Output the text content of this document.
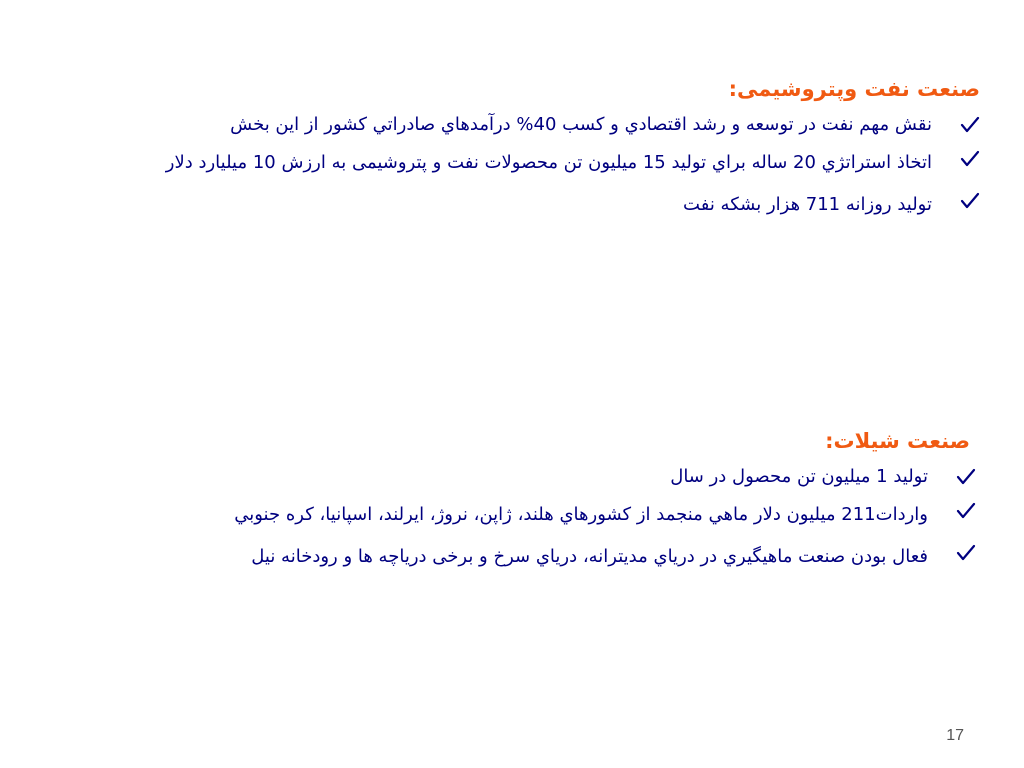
صنعت نفت وپتروشيمی:
نقش مهم نفت در توسعه و رشد اقتصادي و کسب 40% درآمدهاي صادراتي کشور از اين بخش
اتخاذ استراتژي 20 ساله براي توليد 15 ميليون تن محصولات نفت و پتروشيمی به ارزش 10 ميليارد دلار
توليد روزانه 711 هزار بشکه نفت
صنعت شيلات:
توليد 1 ميليون تن محصول در سال
واردات211 ميليون دلار ماهي منجمد از کشورهاي هلند، ژاپن، نروژ، ايرلند، اسپانيا، کره جنوبي
فعال بودن صنعت ماهيگيري در درياي مديترانه، درياي سرخ و برخی درياچه ها و رودخانه نيل
17
